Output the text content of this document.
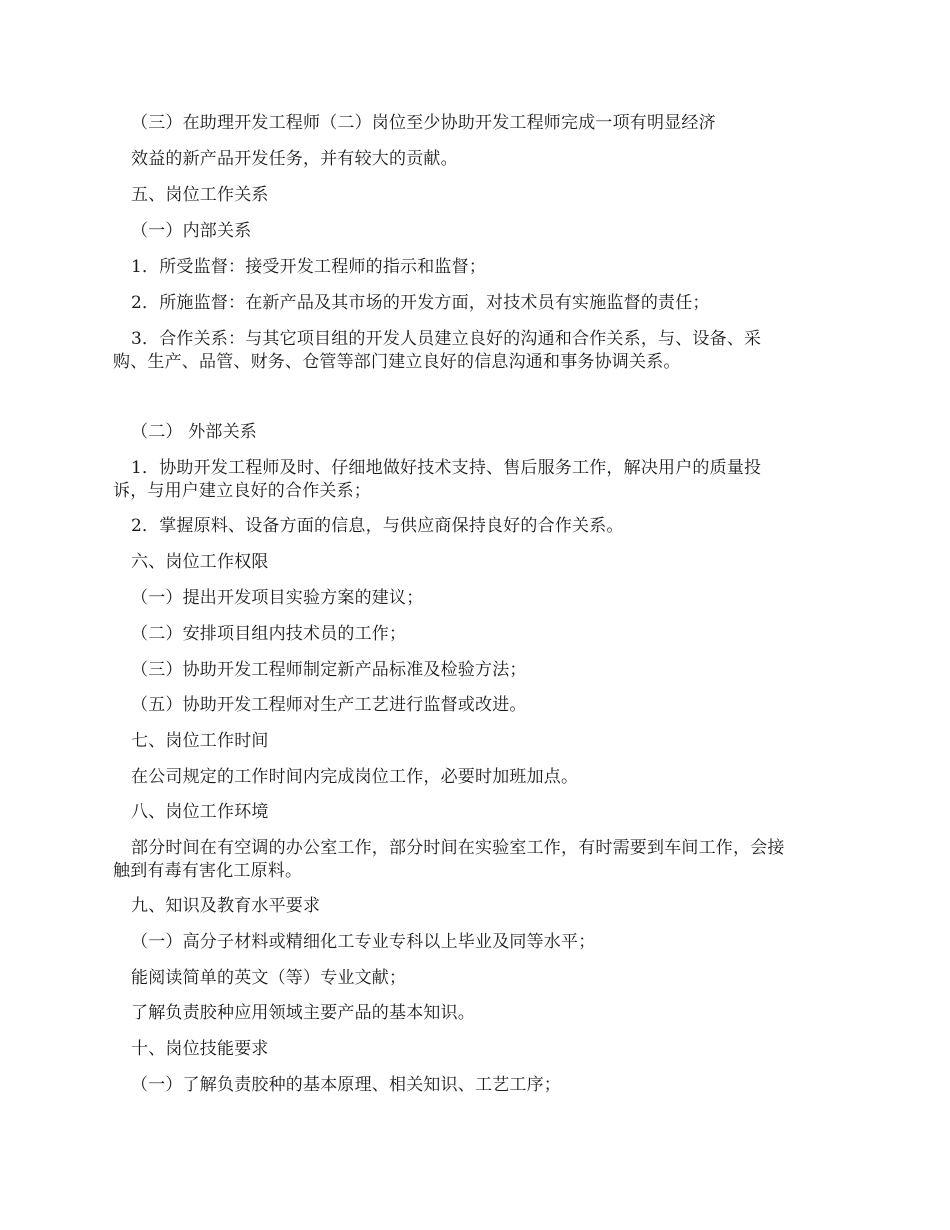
（三）在助理开发工程师（二）岗位至少协助开发工程师完成一项有明显经济
效益的新产品开发任务，并有较大的贡献。
五、岗位工作关系
（一）内部关系
1．所受监督：接受开发工程师的指示和监督；
2．所施监督：在新产品及其市场的开发方面，对技术员有实施监督的责任；
3．合作关系：与其它项目组的开发人员建立良好的沟通和合作关系，与、设备、采
购、生产、品管、财务、仓管等部门建立良好的信息沟通和事务协调关系。
（二） 外部关系
1．协助开发工程师及时、仔细地做好技术支持、售后服务工作，解决用户的质量投
诉，与用户建立良好的合作关系；
2．掌握原料、设备方面的信息，与供应商保持良好的合作关系。
六、岗位工作权限
（一）提出开发项目实验方案的建议；
（二）安排项目组内技术员的工作；
（三）协助开发工程师制定新产品标准及检验方法；
（五）协助开发工程师对生产工艺进行监督或改进。
七、岗位工作时间
在公司规定的工作时间内完成岗位工作，必要时加班加点。
八、岗位工作环境
部分时间在有空调的办公室工作，部分时间在实验室工作，有时需要到车间工作，会接
触到有毒有害化工原料。
九、知识及教育水平要求
（一）高分子材料或精细化工专业专科以上毕业及同等水平；
能阅读简单的英文（等）专业文献；
了解负责胶种应用领域主要产品的基本知识。
十、岗位技能要求
（一）了解负责胶种的基本原理、相关知识、工艺工序；
